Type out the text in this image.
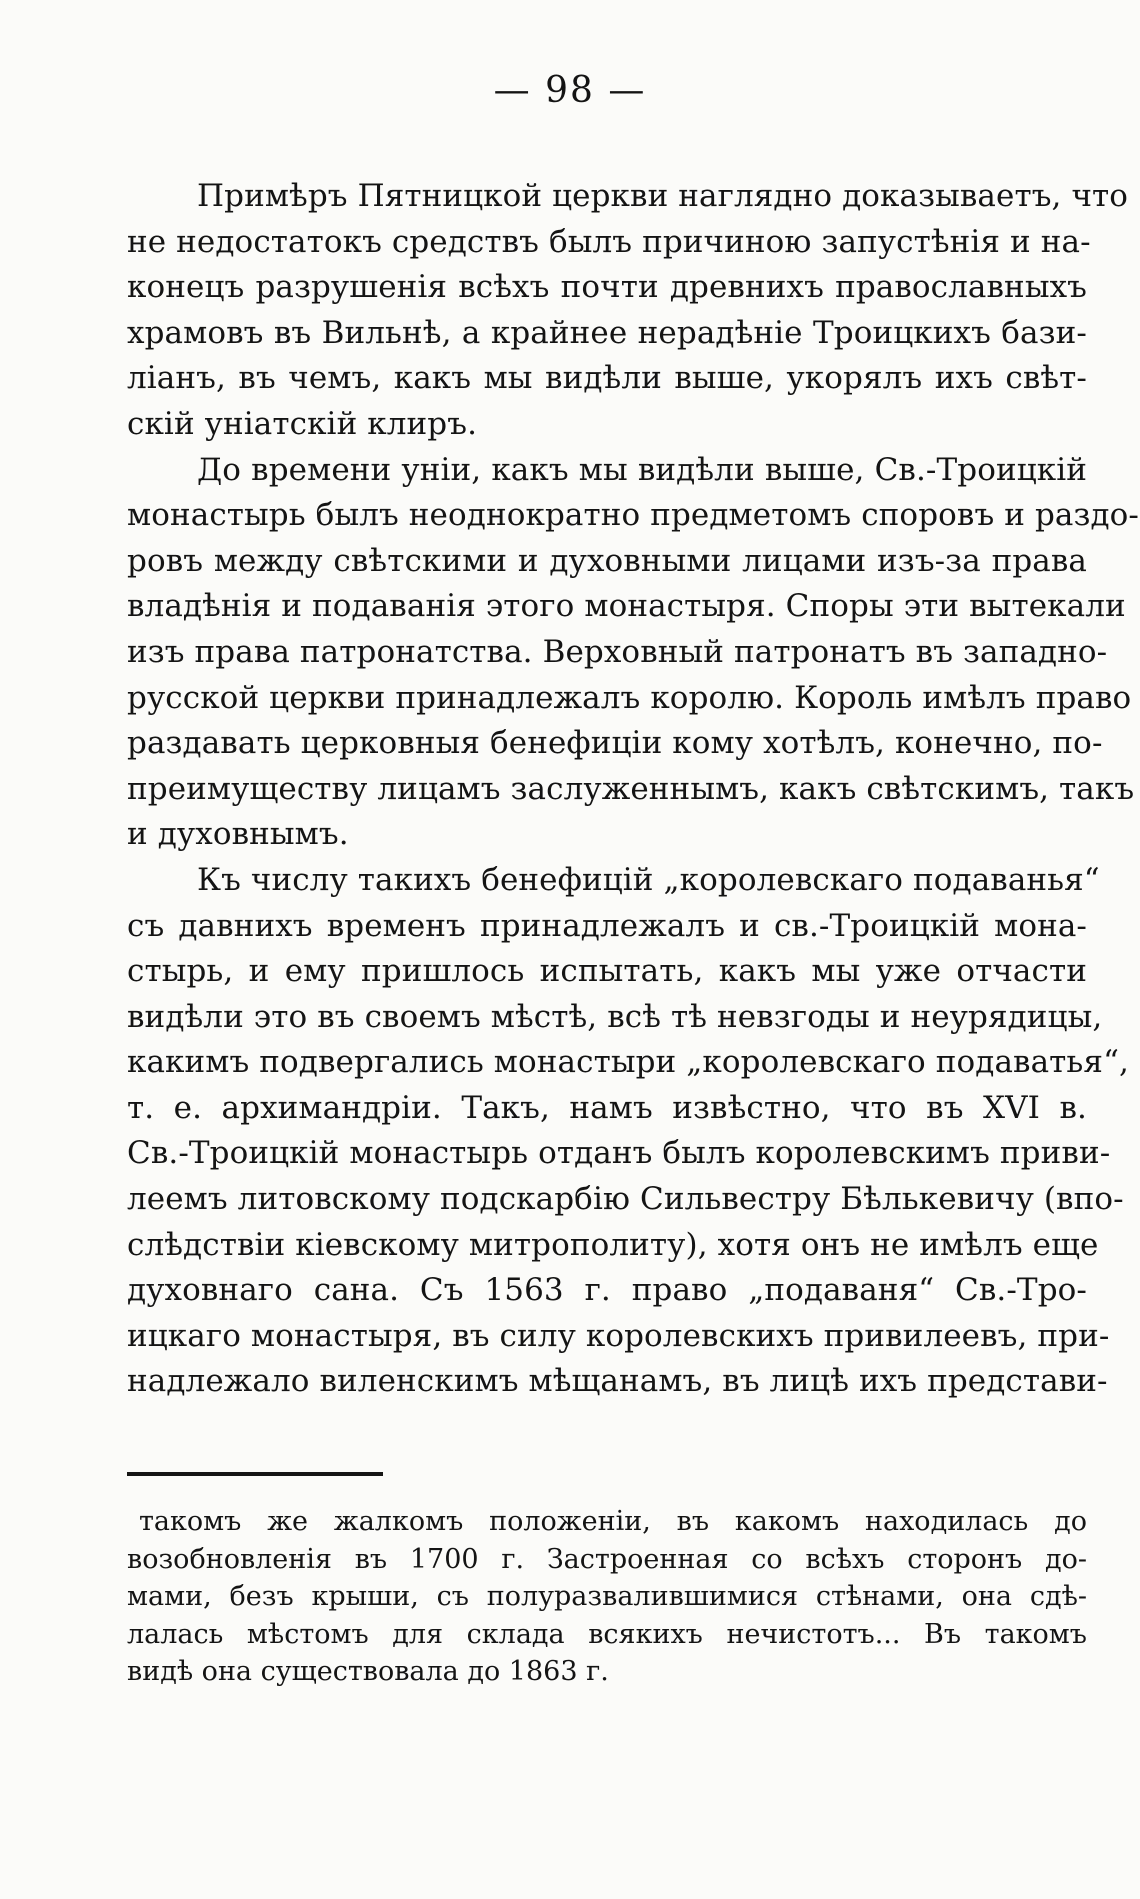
— 98 —
Примѣръ Пятницкой церкви наглядно доказываетъ, что
не недостатокъ средствъ былъ причиною запустѣнія и на-
конецъ разрушенія всѣхъ почти древнихъ православныхъ
храмовъ въ Вильнѣ, а крайнее нерадѣніе Троицкихъ бази-
ліанъ, въ чемъ, какъ мы видѣли выше, укорялъ ихъ свѣт-
скій уніатскій клиръ.
До времени уніи, какъ мы видѣли выше, Св.-Троицкій
монастырь былъ неоднократно предметомъ споровъ и раздо-
ровъ между свѣтскими и духовными лицами изъ-за права
владѣнія и подаванія этого монастыря. Споры эти вытекали
изъ права патронатства. Верховный патронатъ въ западно-
русской церкви принадлежалъ королю. Король имѣлъ право
раздавать церковныя бенефиціи кому хотѣлъ, конечно, по-
преимуществу лицамъ заслуженнымъ, какъ свѣтскимъ, такъ
и духовнымъ.
Къ числу такихъ бенефицій „королевскаго подаванья“
съ давнихъ временъ принадлежалъ и св.-Троицкій мона-
стырь, и ему пришлось испытать, какъ мы уже отчасти
видѣли это въ своемъ мѣстѣ, всѣ тѣ невзгоды и неурядицы,
какимъ подвергались монастыри „королевскаго подаватья“,
т. е. архимандріи. Такъ, намъ извѣстно, что въ XVI в.
Св.-Троицкій монастырь отданъ былъ королевскимъ приви-
леемъ литовскому подскарбію Сильвестру Бѣлькевичу (впо-
слѣдствіи кіевскому митрополиту), хотя онъ не имѣлъ еще
духовнаго сана. Съ 1563 г. право „подаваня“ Св.-Тро-
ицкаго монастыря, въ силу королевскихъ привилеевъ, при-
надлежало виленскимъ мѣщанамъ, въ лицѣ ихъ представи-
такомъ же жалкомъ положеніи, въ какомъ находилась до
возобновленія въ 1700 г. Застроенная со всѣхъ сторонъ до-
мами, безъ крыши, съ полуразвалившимися стѣнами, она сдѣ-
лалась мѣстомъ для склада всякихъ нечистотъ... Въ такомъ
видѣ она существовала до 1863 г.
